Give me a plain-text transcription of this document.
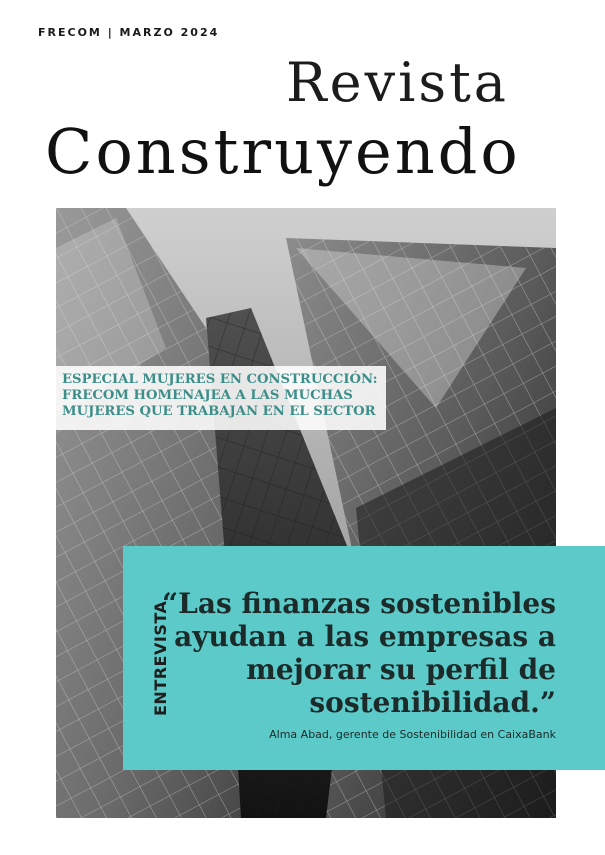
FRECOM | MARZO 2024
Revista
Construyendo
ESPECIAL MUJERES EN CONSTRUCCIÓN:
FRECOM HOMENAJEA A LAS MUCHAS
MUJERES QUE TRABAJAN EN EL SECTOR
ENTREVISTA
“Las finanzas sostenibles
ayudan a las empresas a
mejorar su perfil de
sostenibilidad.”
Alma Abad, gerente de Sostenibilidad en CaixaBank
